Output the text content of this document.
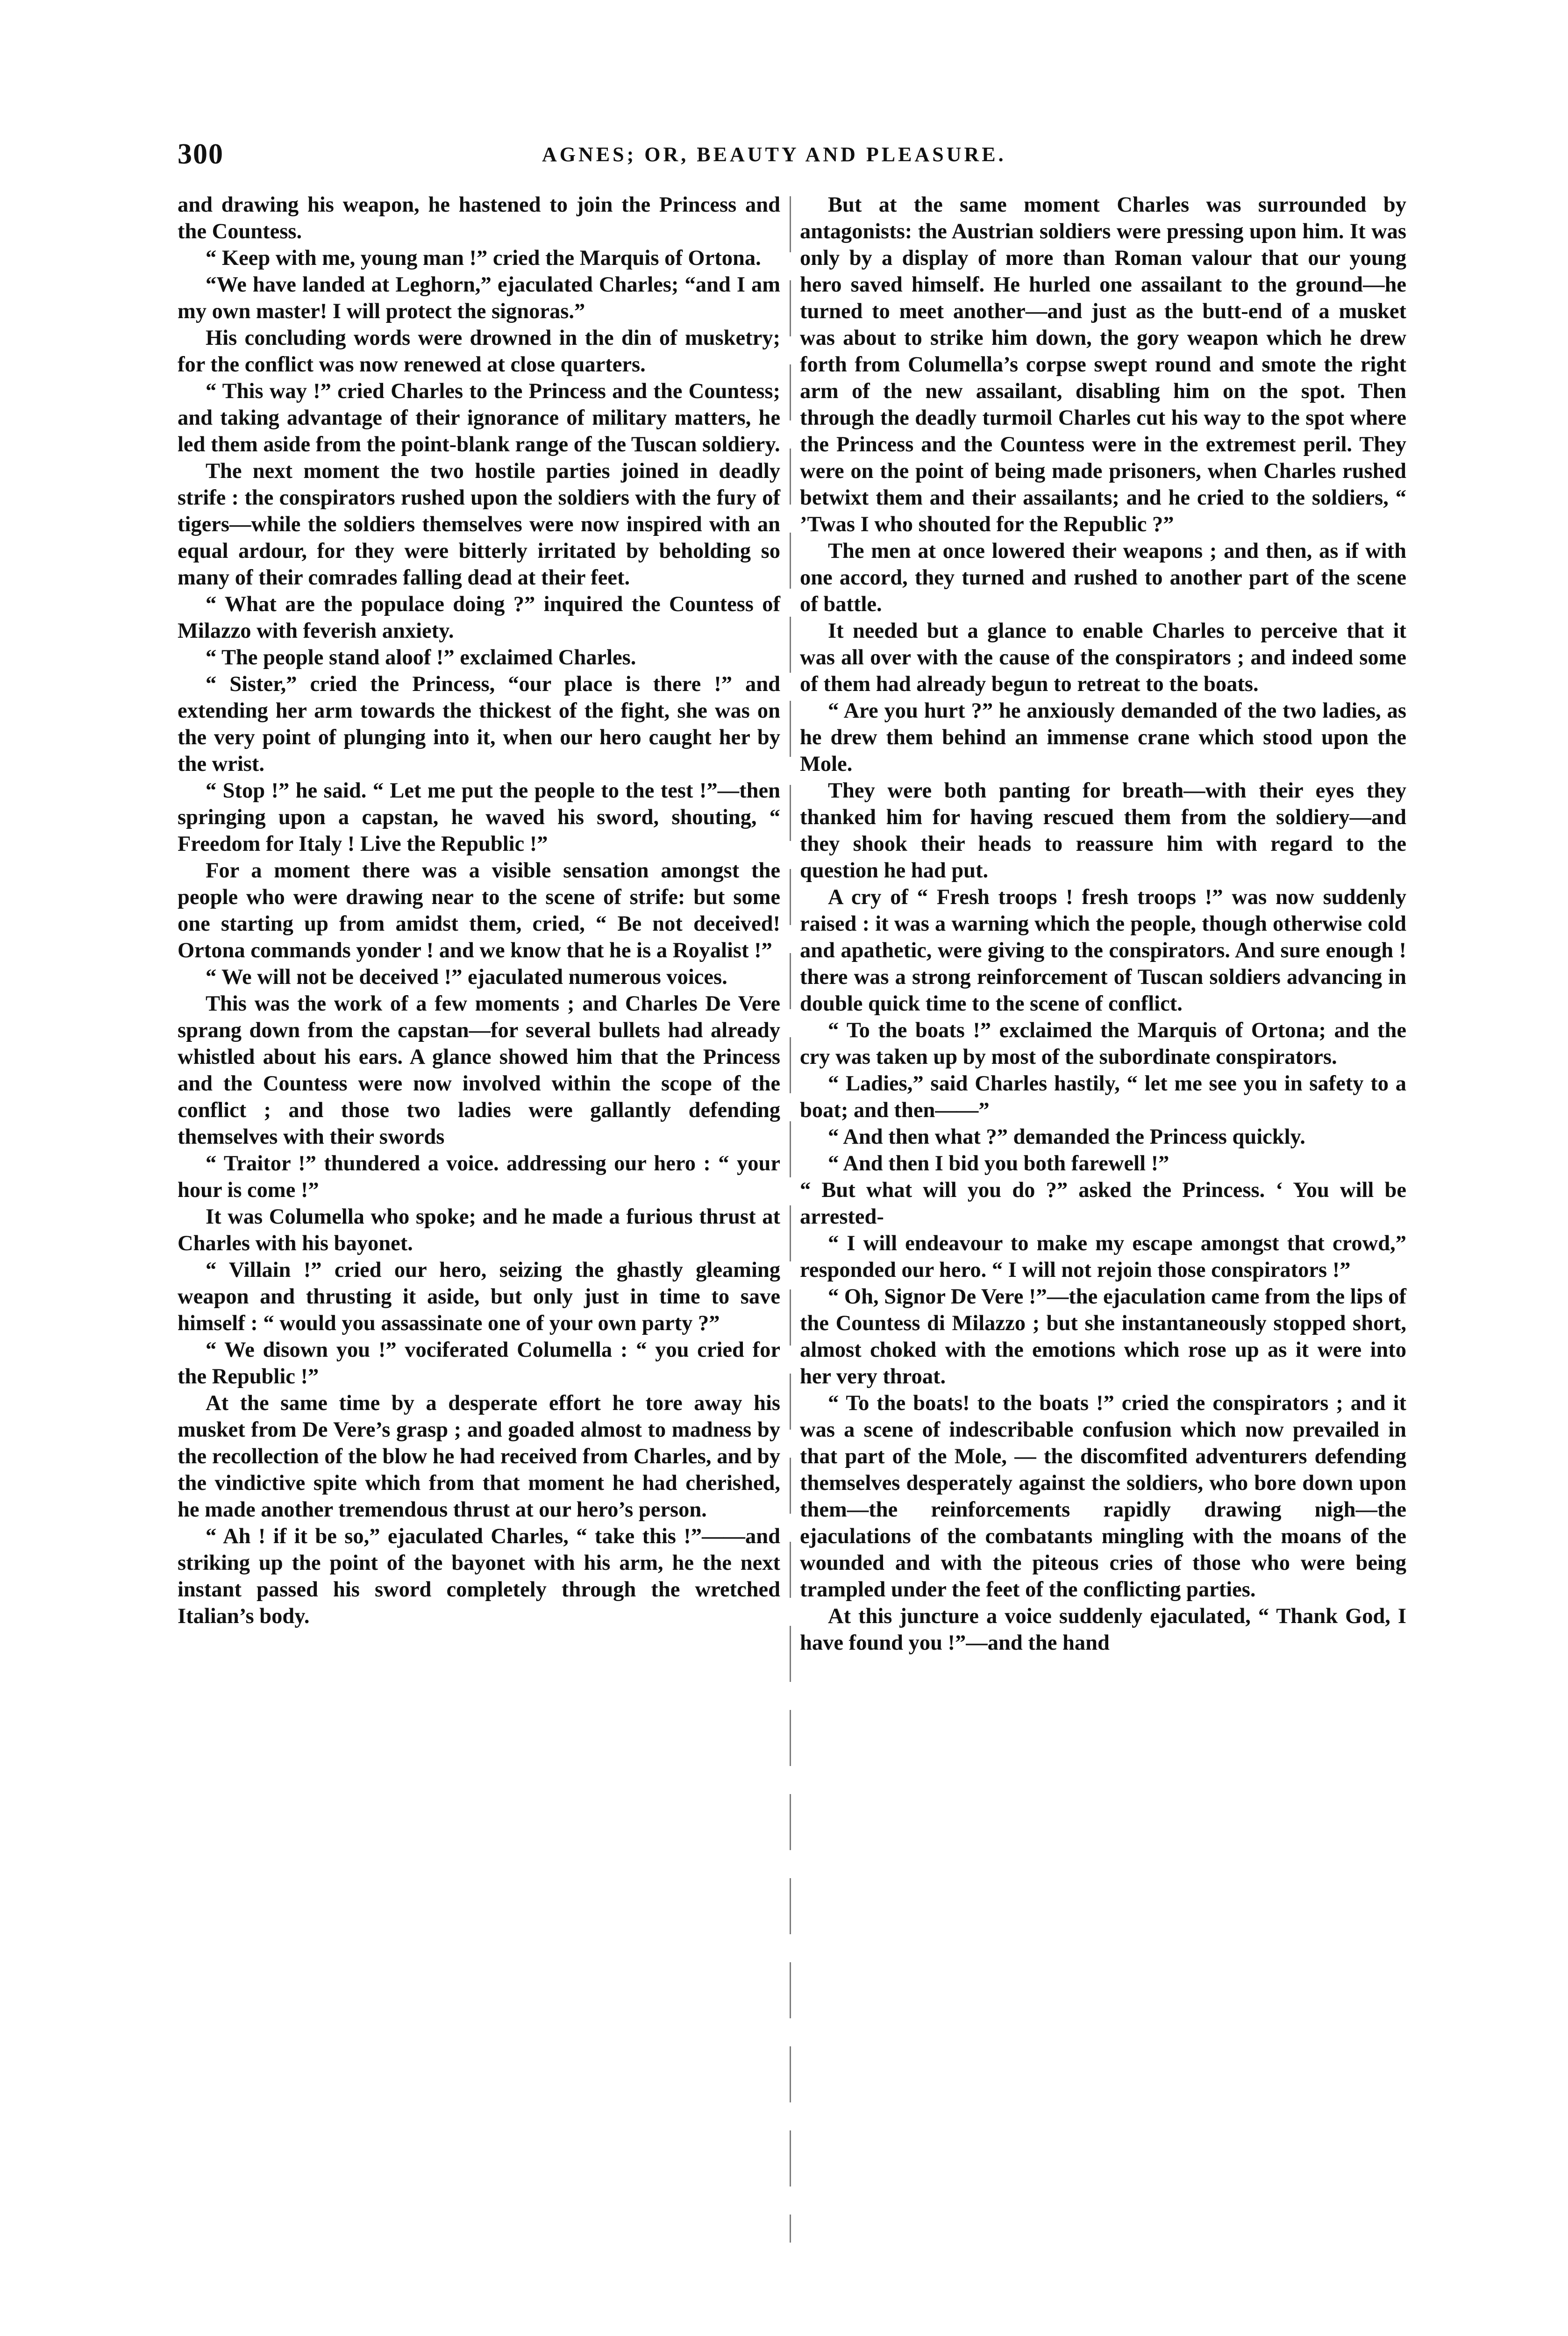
300	AGNES; OR, BEAUTY AND PLEASURE.

and drawing his weapon, he hastened to join the Princess and the Countess.

“ Keep with me, young man !” cried the Marquis of Ortona.

“We have landed at Leghorn,” ejaculated Charles; “and I am my own master! I will protect the signoras.”

His concluding words were drowned in the din of musketry; for the conflict was now renewed at close quarters.

“ This way !” cried Charles to the Princess and the Countess; and taking advantage of their ignorance of military matters, he led them aside from the point-blank range of the Tuscan soldiery.

The next moment the two hostile parties joined in deadly strife : the conspirators rushed upon the soldiers with the fury of tigers—while the soldiers themselves were now inspired with an equal ardour, for they were bitterly irritated by beholding so many of their comrades falling dead at their feet.

“ What are the populace doing ?” inquired the Countess of Milazzo with feverish anxiety.

“ The people stand aloof !” exclaimed Charles.

“ Sister,” cried the Princess, “our place is there !” and extending her arm towards the thickest of the fight, she was on the very point of plunging into it, when our hero caught her by the wrist.

“ Stop !” he said. “ Let me put the people to the test !”—then springing upon a capstan, he waved his sword, shouting, “ Freedom for Italy ! Live the Republic !”

For a moment there was a visible sensation amongst the people who were drawing near to the scene of strife: but some one starting up from amidst them, cried, “ Be not deceived! Ortona commands yonder ! and we know that he is a Royalist !”

“ We will not be deceived !” ejaculated numerous voices.

This was the work of a few moments ; and Charles De Vere sprang down from the capstan—for several bullets had already whistled about his ears. A glance showed him that the Princess and the Countess were now involved within the scope of the conflict ; and those two ladies were gallantly defending themselves with their swords

“ Traitor !” thundered a voice. addressing our hero : “ your hour is come !”

It was Columella who spoke; and he made a furious thrust at Charles with his bayonet.

“ Villain !” cried our hero, seizing the ghastly gleaming weapon and thrusting it aside, but only just in time to save himself : “ would you assassinate one of your own party ?”

“ We disown you !” vociferated Columella : “ you cried for the Republic !”

At the same time by a desperate effort he tore away his musket from De Vere’s grasp ; and goaded almost to madness by the recollection of the blow he had received from Charles, and by the vindictive spite which from that moment he had cherished, he made another tremendous thrust at our hero’s person.

“ Ah ! if it be so,” ejaculated Charles, “ take this !”——and striking up the point of the bayonet with his arm, he the next instant passed his sword completely through the wretched Italian’s body.

But at the same moment Charles was surrounded by antagonists: the Austrian soldiers were pressing upon him. It was only by a display of more than Roman valour that our young hero saved himself. He hurled one assailant to the ground—he turned to meet another—and just as the butt-end of a musket was about to strike him down, the gory weapon which he drew forth from Columella’s corpse swept round and smote the right arm of the new assailant, disabling him on the spot. Then through the deadly turmoil Charles cut his way to the spot where the Princess and the Countess were in the extremest peril. They were on the point of being made prisoners, when Charles rushed betwixt them and their assailants; and he cried to the soldiers, “ ’Twas I who shouted for the Republic ?”

The men at once lowered their weapons ; and then, as if with one accord, they turned and rushed to another part of the scene of battle.

It needed but a glance to enable Charles to perceive that it was all over with the cause of the conspirators ; and indeed some of them had already begun to retreat to the boats.

“ Are you hurt ?” he anxiously demanded of the two ladies, as he drew them behind an immense crane which stood upon the Mole.

They were both panting for breath—with their eyes they thanked him for having rescued them from the soldiery—and they shook their heads to reassure him with regard to the question he had put.

A cry of “ Fresh troops ! fresh troops !” was now suddenly raised : it was a warning which the people, though otherwise cold and apathetic, were giving to the conspirators. And sure enough ! there was a strong reinforcement of Tuscan soldiers advancing in double quick time to the scene of conflict.

“ To the boats !” exclaimed the Marquis of Ortona; and the cry was taken up by most of the subordinate conspirators.

“ Ladies,” said Charles hastily, “ let me see you in safety to a boat; and then——”

“ And then what ?” demanded the Princess quickly.

“ And then I bid you both farewell !”

“ But what will you do ?” asked the Princess. ‘ You will be arrested-

“ I will endeavour to make my escape amongst that crowd,” responded our hero. “ I will not rejoin those conspirators !”

“ Oh, Signor De Vere !”—the ejaculation came from the lips of the Countess di Milazzo ; but she instantaneously stopped short, almost choked with the emotions which rose up as it were into her very throat.

“ To the boats! to the boats !” cried the conspirators ; and it was a scene of indescribable confusion which now prevailed in that part of the Mole, — the discomfited adventurers defending themselves desperately against the soldiers, who bore down upon them—the reinforcements rapidly drawing nigh—the ejaculations of the combatants mingling with the moans of the wounded and with the piteous cries of those who were being trampled under the feet of the conflicting parties.

At this juncture a voice suddenly ejaculated, “ Thank God, I have found you !”—and the hand
